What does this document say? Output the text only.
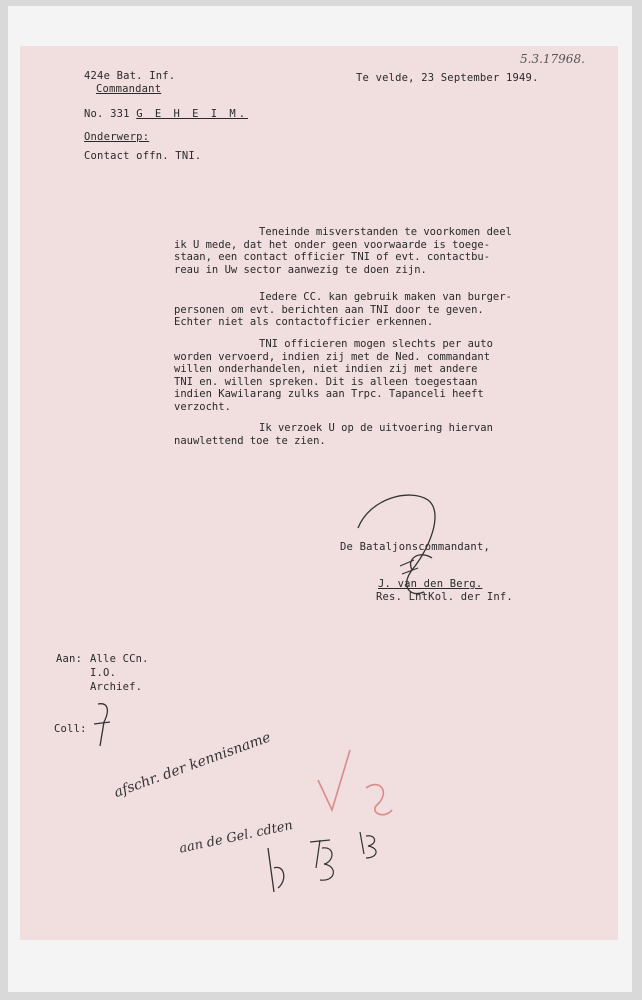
424e Bat. Inf.
Commandant
Te velde, 23 September 1949.
5.3.17968.
No. 331 G E H E I M.
Onderwerp:
Contact offn. TNI.
Teneinde misverstanden te voorkomen deel
ik U mede, dat het onder geen voorwaarde is toege-
staan, een contact officier TNI of evt. contactbu-
reau in Uw sector aanwezig te doen zijn.
Iedere CC. kan gebruik maken van burger-
personen om evt. berichten aan TNI door te geven.
Echter niet als contactofficier erkennen.
TNI officieren mogen slechts per auto
worden vervoerd, indien zij met de Ned. commandant
willen onderhandelen, niet indien zij met andere
TNI en. willen spreken. Dit is alleen toegestaan
indien Kawilarang zulks aan Trpc. Tapanceli heeft
verzocht.
Ik verzoek U op de uitvoering hiervan
nauwlettend toe te zien.
De Bataljonscommandant,
J. van den Berg.
Res. LntKol. der Inf.
Aan: Alle CCn.
I.O.
Archief.
Coll:
afschr. der kennisname
aan de Gel. cdten
